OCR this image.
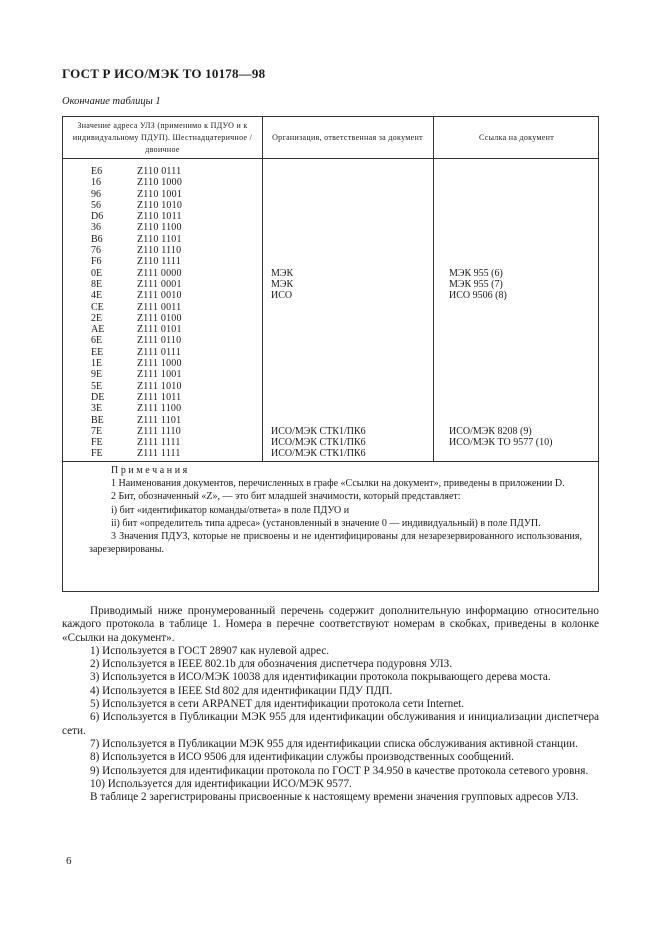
ГОСТ Р ИСО/МЭК ТО 10178—98
Окончание таблицы 1
Значение адреса УЛЗ (применимо к ПДУО и к индивидуальному ПДУП). Шестнадцатеричное / двоичное
Организация, ответственная за документ	Ссылка на документ
E6
16
96
56
D6
36
B6
76
F6
0E
8E
4E
CE
2E
AE
6E
EE
1E
9E
5E
DE
3E
BE
7E
FE
FE
Z110 0111
Z110 1000
Z110 1001
Z110 1010
Z110 1011
Z110 1100
Z110 1101
Z110 1110
Z110 1111
Z111 0000
Z111 0001
Z111 0010
Z111 0011
Z111 0100
Z111 0101
Z111 0110
Z111 0111
Z111 1000
Z111 1001
Z111 1010
Z111 1011
Z111 1100
Z111 1101
Z111 1110
Z111 1111
Z111 1111
МЭК
МЭК
ИСО
ИСО/МЭК СТК1/ПК6
ИСО/МЭК СТК1/ПК6
ИСО/МЭК СТК1/ПК6
МЭК 955 (6)
МЭК 955 (7)
ИСО 9506 (8)
ИСО/МЭК 8208 (9)
ИСО/МЭК ТО 9577 (10)
Примечания

1 Наименования документов, перечисленных в графе «Ссылки на документ», приведены в приложении D.

2 Бит, обозначенный «Z», — это бит младшей значимости, который представляет:

i) бит «идентификатор команды/ответа» в поле ПДУО и

ii) бит «определитель типа адреса» (установленный в значение 0 — индивидуальный) в поле ПДУП.

3 Значения ПДУЗ, которые не присвоены и не идентифицированы для незарезервированного использования, зарезервированы.

Приводимый ниже пронумерованный перечень содержит дополнительную информацию относительно каждого протокола в таблице 1. Номера в перечне соответствуют номерам в скобках, приведены в колонке «Ссылки на документ».

1) Используется в ГОСТ 28907 как нулевой адрес.

2) Используется в IEEE 802.1b для обозначения диспетчера подуровня УЛЗ.

3) Используется в ИСО/МЭК 10038 для идентификации протокола покрывающего дерева моста.

4) Используется в IEEE Std 802 для идентификации ПДУ ПДП.

5) Используется в сети ARPANET для идентификации протокола сети Internet.

6) Используется в Публикации МЭК 955 для идентификации обслуживания и инициализации диспетчера сети.

7) Используется в Публикации МЭК 955 для идентификации списка обслуживания активной станции.

8) Используется в ИСО 9506 для идентификации службы производственных сообщений.

9) Используется для идентификации протокола по ГОСТ Р 34.950 в качестве протокола сетевого уровня.

10) Используется для идентификации ИСО/МЭК 9577.

В таблице 2 зарегистрированы присвоенные к настоящему времени значения групповых адресов УЛЗ.

6
